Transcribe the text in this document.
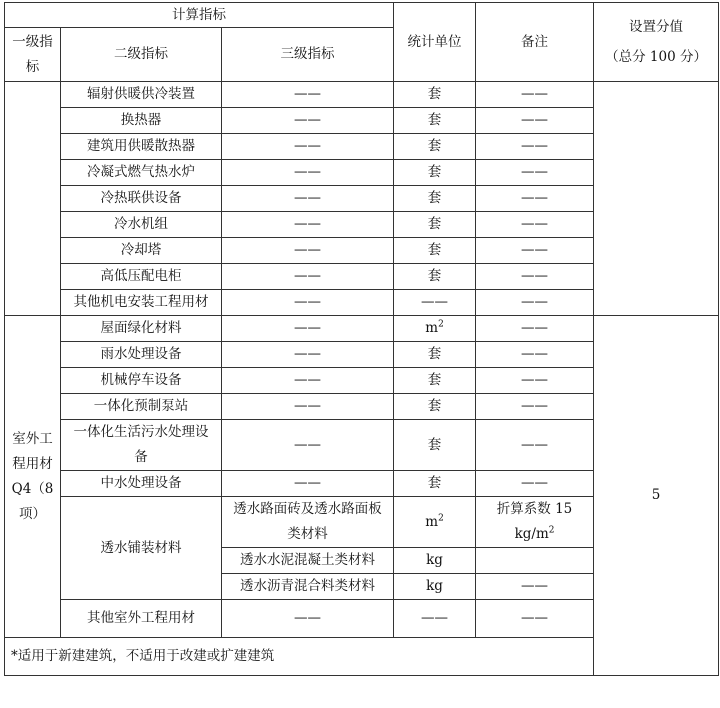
计算指标			统计单位	备注	设置分值
（总分 100 分）

一级指标	二级指标	三级指标			
	辐射供暖供冷装置	——	套	——	
	换热器	——	套	——	
	建筑用供暖散热器	——	套	——	
	冷凝式燃气热水炉	——	套	——	
	冷热联供设备	——	套	——	
	冷水机组	——	套	——	
	冷却塔	——	套	——	
	高低压配电柜	——	套	——	
	其他机电安装工程用材	——	——	——	
室外工程用材Q4（8项）	屋面绿化材料	——	$m^2$	——	5
	雨水处理设备	——	套	——	
	机械停车设备	——	套	——	
	一体化预制泵站	——	套	——	
	一体化生活污水处理设备	——	套	——	
	中水处理设备	——	套	——	
	透水铺装材料	透水路面砖及透水路面板类材料	$m^2$	折算系数 15 $kg/m^2$
		透水水泥混凝土类材料	kg		
		透水沥青混合料类材料	kg	——	
	其他室外工程用材	——	——	——	
*适用于新建建筑，不适用于改建或扩建建筑					
